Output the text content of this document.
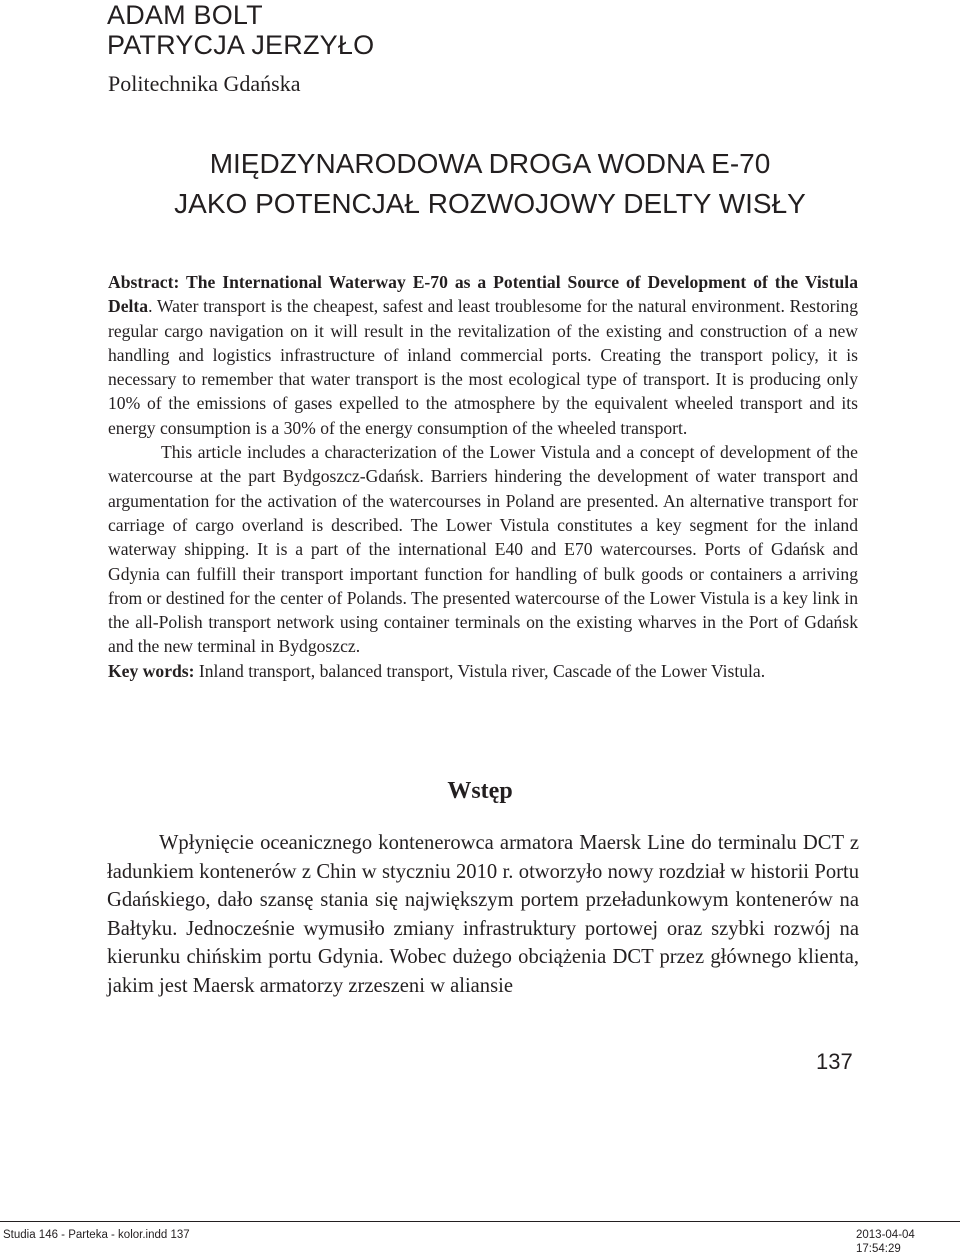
ADAM BOLT
PATRYCJA JERZYŁO
Politechnika Gdańska
MIĘDZYNARODOWA DROGA WODNA E-70
JAKO POTENCJAŁ ROZWOJOWY DELTY WISŁY

Abstract: The International Waterway E-70 as a Potential Source of Development of the Vistula Delta. Water transport is the cheapest, safest and least troublesome for the natural environment. Restoring regular cargo navigation on it will result in the revitalization of the existing and construction of a new handling and logistics infrastructure of inland commercial ports. Creating the transport policy, it is necessary to remember that water transport is the most ecological type of transport. It is producing only 10% of the emissions of gases expelled to the atmosphere by the equivalent wheeled transport and its energy consumption is a 30% of the energy consumption of the wheeled transport.

This article includes a characterization of the Lower Vistula and a concept of development of the watercourse at the part Bydgoszcz-Gdańsk. Barriers hindering the development of water transport and argumentation for the activation of the watercourses in Poland are presented. An alternative transport for carriage of cargo overland is described. The Lower Vistula constitutes a key segment for the inland waterway shipping. It is a part of the international E40 and E70 watercourses. Ports of Gdańsk and Gdynia can fulfill their transport important function for handling of bulk goods or containers a arriving from or destined for the center of Polands. The presented watercourse of the Lower Vistula is a key link in the all-Polish transport network using container terminals on the existing wharves in the Port of Gdańsk and the new terminal in Bydgoszcz.

Key words: Inland transport, balanced transport, Vistula river, Cascade of the Lower Vistula.

Wstęp

Wpłynięcie oceanicznego kontenerowca armatora Maersk Line do terminalu DCT z ładunkiem kontenerów z Chin w styczniu 2010 r. otworzyło nowy rozdział w historii Portu Gdańskiego, dało szansę stania się największym portem przeładunkowym kontenerów na Bałtyku. Jednocześnie wymusiło zmiany infrastruktury portowej oraz szybki rozwój na kierunku chińskim portu Gdynia. Wobec dużego obciążenia DCT przez głównego klienta, jakim jest Maersk armatorzy zrzeszeni w aliansie

137
Studia 146 - Parteka - kolor.indd 137	2013-04-04 17:54:29
